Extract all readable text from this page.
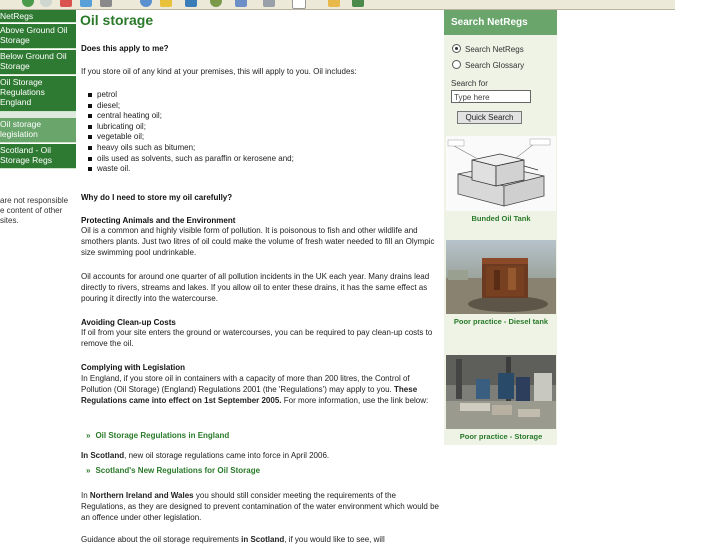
NetRegs
Above Ground Oil
Storage
Below Ground Oil
Storage
Oil Storage
Regulations
England
Oil storage
legislation
Scotland - Oil
Storage Regs
are not responsible
e content of other
sites.
Oil storage
Does this apply to me?
If you store oil of any kind at your premises, this will apply to you. Oil includes:
petrol
diesel;
central heating oil;
lubricating oil;
vegetable oil;
heavy oils such as bitumen;
oils used as solvents, such as paraffin or kerosene and;
waste oil.
Why do I need to store my oil carefully?
Protecting Animals and the Environment
Oil is a common and highly visible form of pollution. It is poisonous to fish and other wildlife and smothers plants. Just two litres of oil could make the volume of fresh water needed to fill an Olympic size swimming pool undrinkable.
Oil accounts for around one quarter of all pollution incidents in the UK each year. Many drains lead directly to rivers, streams and lakes. If you allow oil to enter these drains, it has the same effect as pouring it directly into the watercourse.
Avoiding Clean-up Costs
If oil from your site enters the ground or watercourses, you can be required to pay clean-up costs to remove the oil.
Complying with Legislation
In England, if you store oil in containers with a capacity of more than 200 litres, the Control of Pollution (Oil Storage) (England) Regulations 2001 (the 'Regulations') may apply to you. These Regulations came into effect on 1st September 2005. For more information, use the link below:
» Oil Storage Regulations in England
In Scotland, new oil storage regulations came into force in April 2006.
» Scotland's New Regulations for Oil Storage
In Northern Ireland and Wales you should still consider meeting the requirements of the Regulations, as they are designed to prevent contamination of the water environment which would be an offence under other legislation.
Guidance about the oil storage requirements in Scotland, if you would like to see, will
Search NetRegs
Search NetRegs
Search Glossary
Search for
Type here
Quick Search
Bunded Oil Tank
Poor practice - Diesel tank
Poor practice - Storage
